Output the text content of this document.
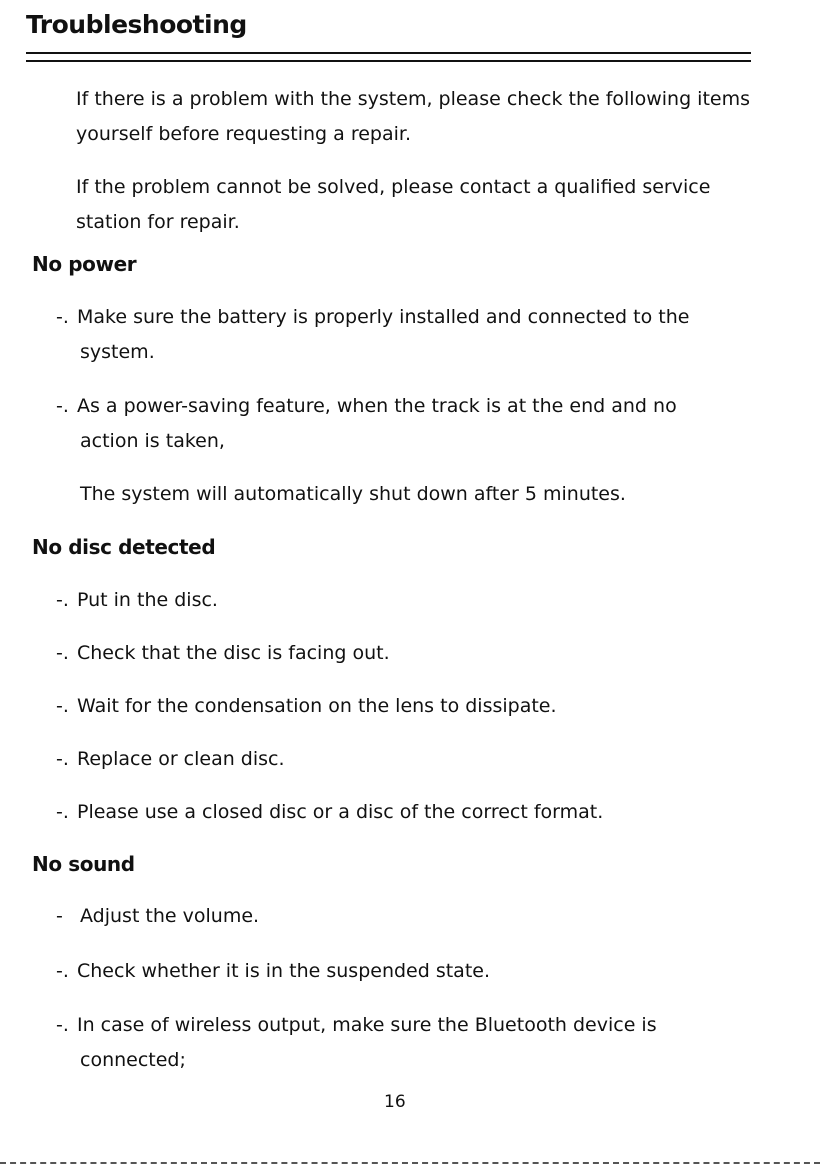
Troubleshooting

If there is a problem with the system, please check the following items yourself before requesting a repair.

If the problem cannot be solved, please contact a qualified service station for repair.

No power
-. Make sure the battery is properly installed and connected to the
system.
-. As a power-saving feature, when the track is at the end and no
action is taken,
The system will automatically shut down after 5 minutes.
No disc detected
-. Put in the disc.
-. Check that the disc is facing out.
-. Wait for the condensation on the lens to dissipate.
-. Replace or clean disc.
-. Please use a closed disc or a disc of the correct format.
No sound
- Adjust the volume.
-. Check whether it is in the suspended state.
-. In case of wireless output, make sure the Bluetooth device is
connected;
16
